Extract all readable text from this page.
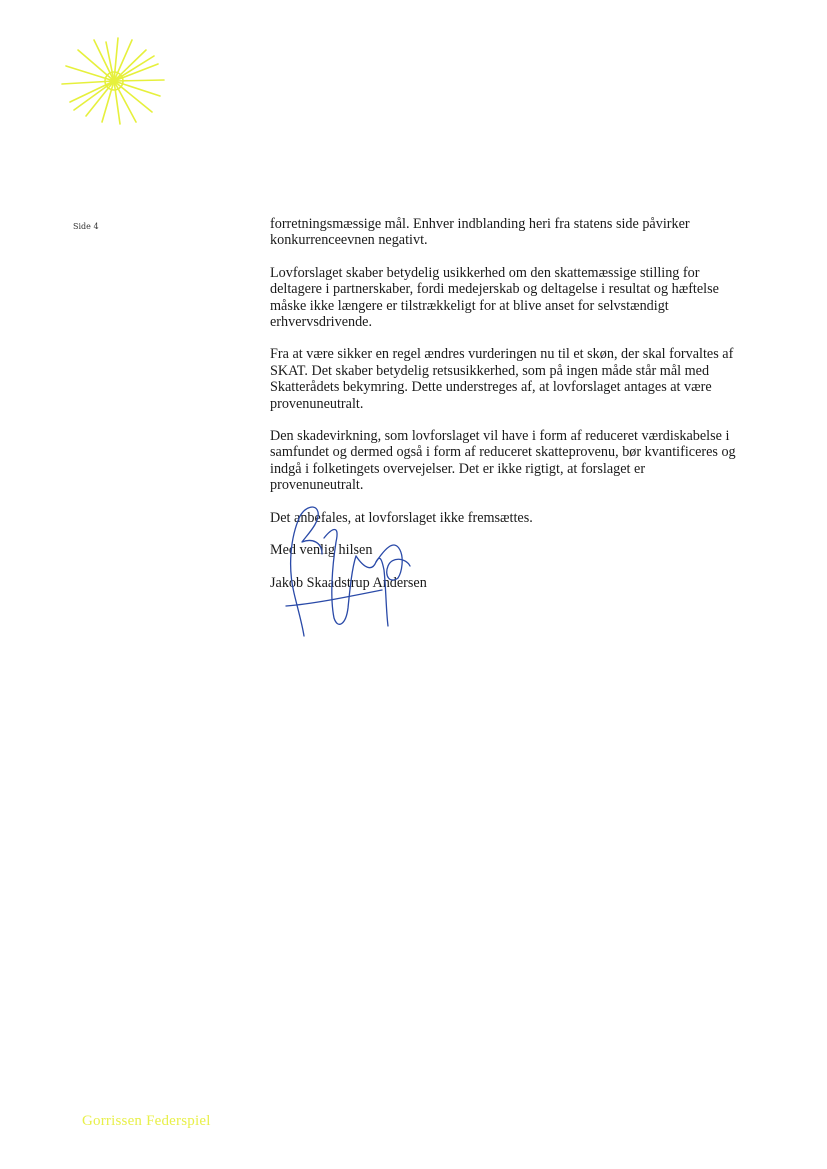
Side 4	forretningsmæssige mål. Enhver indblanding heri fra statens side påvirker konkurrenceevnen negativt.

Lovforslaget skaber betydelig usikkerhed om den skattemæssige stilling for deltagere i partnerskaber, fordi medejerskab og deltagelse i resultat og hæftelse måske ikke længere er tilstrækkeligt for at blive anset for selvstændigt erhvervsdrivende.

Fra at være sikker en regel ændres vurderingen nu til et skøn, der skal forvaltes af SKAT. Det skaber betydelig retsusikkerhed, som på ingen måde står mål med Skatterådets bekymring. Dette understreges af, at lovforslaget antages at være provenuneutralt.

Den skadevirkning, som lovforslaget vil have i form af reduceret værdiskabelse i samfundet og dermed også i form af reduceret skatteprovenu, bør kvantificeres og indgå i folketingets overvejelser. Det er ikke rigtigt, at forslaget er provenuneutralt.

Det anbefales, at lovforslaget ikke fremsættes.

Med venlig hilsen

Jakob Skaadstrup Andersen

Gorrissen Federspiel
